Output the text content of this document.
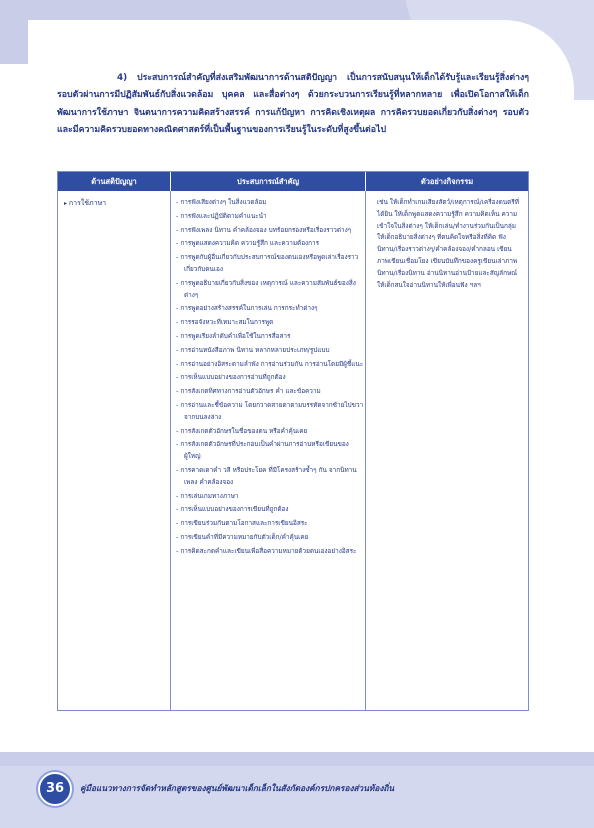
4) ประสบการณ์สำคัญที่ส่งเสริมพัฒนาการด้านสติปัญญา เป็นการสนับสนุนให้เด็กได้รับรู้และเรียนรู้สิ่งต่างๆ รอบตัวผ่านการมีปฏิสัมพันธ์กับสิ่งแวดล้อม บุคคล และสื่อต่างๆ ด้วยกระบวนการเรียนรู้ที่หลากหลาย เพื่อเปิดโอกาสให้เด็กพัฒนาการใช้ภาษา จินตนาการความคิดสร้างสรรค์ การแก้ปัญหา การคิดเชิงเหตุผล การคิดรวบยอดเกี่ยวกับสิ่งต่างๆ รอบตัว และมีความคิดรวบยอดทางคณิตศาสตร์ที่เป็นพื้นฐานของการเรียนรู้ในระดับที่สูงขึ้นต่อไป
ด้านสติปัญญา	ประสบการณ์สำคัญ	ตัวอย่างกิจกรรม
▸ การใช้ภาษา
-	การฟังเสียงต่างๆ ในสิ่งแวดล้อม
- การฟังและปฏิบัติตามคำแนะนำ
- การฟังเพลง นิทาน คำคล้องจอง บทร้อยกรองหรือเรื่องราวต่างๆ
- การพูดแสดงความคิด ความรู้สึก และความต้องการ
- การพูดกับผู้อื่นเกี่ยวกับประสบการณ์ของตนเองหรือพูดเล่าเรื่องราวเกี่ยวกับตนเอง
- การพูดอธิบายเกี่ยวกับสิ่งของ เหตุการณ์ และความสัมพันธ์ของสิ่งต่างๆ
- การพูดอย่างสร้างสรรค์ในการเล่น การกระทำต่างๆ
- การรอจังหวะที่เหมาะสมในการพูด
- การพูดเรียงลำดับคำเพื่อใช้ในการสื่อสาร
- การอ่านหนังสือภาพ นิทาน หลากหลายประเภท/รูปแบบ
- การอ่านอย่างอิสระตามลำพัง การอ่านร่วมกัน การอ่านโดยมีผู้ชี้แนะ
- การเห็นแบบอย่างของการอ่านที่ถูกต้อง
- การสังเกตทิศทางการอ่านตัวอักษร คำ และข้อความ
- การอ่านและชี้ข้อความ โดยกวาดสายตาตามบรรทัดจากซ้ายไปขวา จากบนลงล่าง
- การสังเกตตัวอักษรในชื่อของตน หรือคำคุ้นเคย
- การสังเกตตัวอักษรที่ประกอบเป็นคำผ่านการอ่านหรือเขียนของผู้ใหญ่
- การคาดเดาคำ วลี หรือประโยค ที่มีโครงสร้างซ้ำๆ กัน จากนิทาน เพลง คำคล้องจอง
- การเล่นเกมทางภาษา
- การเห็นแบบอย่างของการเขียนที่ถูกต้อง
- การเขียนร่วมกันตามโอกาสและการเขียนอิสระ
- การเขียนคำที่มีความหมายกับตัวเด็ก/คำคุ้นเคย
- การคิดสะกดคำและเขียนเพื่อสื่อความหมายด้วยตนเองอย่างอิสระ
เช่น ให้เด็กทำเกมเสียงสัตว์/เหตุการณ์/เครื่องดนตรีที่ได้ยิน ให้เด็กพูดแสดงความรู้สึก ความคิดเห็น ความเข้าใจในสิ่งต่างๆ ให้เด็กเล่น/ทำงานร่วมกันเป็นกลุ่ม ให้เด็กอธิบายสิ่งต่างๆ ที่ตนคิดใจหรือสิ่งที่คิด ฟังนิทาน/เรื่องราวต่างๆ/คำคล้องจอง/คำกลอน เขียนภาพเขียนเชื่อมโยง เขียนบันทึกของครูเขียนเล่าภาพนิทาน/เรื่องนิทาน อ่านนิทานอ่านป้ายและสัญลักษณ์ให้เด็กสนใจอ่านนิทานให้เพื่อนฟัง ฯลฯ
36	คู่มือแนวทางการจัดทำหลักสูตรของศูนย์พัฒนาเด็กเล็กในสังกัดองค์กรปกครองส่วนท้องถิ่น
